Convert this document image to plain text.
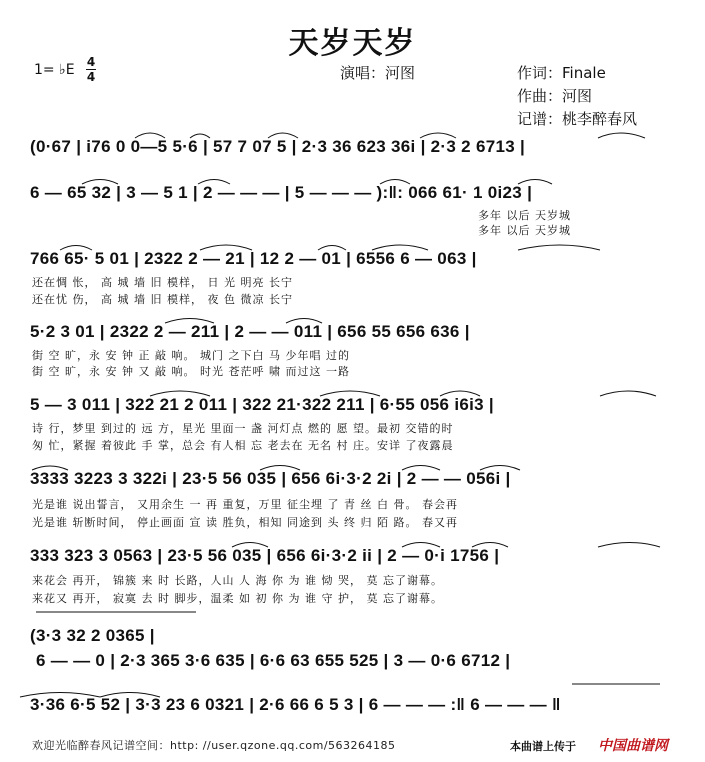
天岁天岁
1= ♭E 4
4	演唱：河图	作词：Finale
作曲：河图
记谱：桃李醉春风
(0·67 | i76 0 0—5 5·6 | 57 7 07 5 | 2·3 36 623 36i | 2·3 2 6713 |
6 — 65 32 | 3 — 5 1 | 2 — — — | 5 — — — ):‖: 066 61· 1 0i23 |
多年 以后 天岁城
多年 以后 天岁城
766 65· 5 01 | 2322 2 — 21 | 12 2 — 01 | 6556 6 — 063 |
还在惆 怅， 高 城 墙 旧 模样， 日 光 明亮 长宁
还在忧 伤， 高 城 墙 旧 模样， 夜 色 微凉 长宁
5·2 3 01 | 2322 2 — 211 | 2 — — 011 | 656 55 656 636 |
街 空 旷，永 安 钟 正 敲 响。 城门 之下白 马 少年唱 过的
街 空 旷，永 安 钟 又 敲 响。 时光 苍茫呼 啸 而过这 一路
5 — 3 011 | 322 21 2 011 | 322 21·322 211 | 6·55 056 i6i3 |
诗 行，梦里 到过的 远 方，星光 里面一 盏 河灯点 燃的 愿 望。最初 交错的时
匆 忙，紧握 着彼此 手 掌，总会 有人相 忘 老去在 无名 村 庄。安详 了夜露晨
3333 3223 3 322i | 23·5 56 035 | 656 6i·3·2 2i | 2 — — 056i |
光是谁 说出誓言， 又用余生 一 再 重复，万里 征尘埋 了 青 丝 白 骨。 春会再
光是谁 斩断时间， 停止画面 宣 读 胜负，相知 同途到 头 终 归 陌 路。 春又再
333 323 3 0563 | 23·5 56 035 | 656 6i·3·2 ii | 2 — 0·i 1756 |
来花会 再开， 锦簇 来 时 长路，人山 人 海 你 为 谁 恸 哭， 莫 忘了谢幕。
来花又 再开， 寂寞 去 时 脚步，温柔 如 初 你 为 谁 守 护， 莫 忘了谢幕。
(3·3 32 2 0365 |
6 — — 0 | 2·3 365 3·6 635 | 6·6 63 655 525 | 3 — 0·6 6712 |
3·36 6·5 52 | 3·3 23 6 0321 | 2·6 66 6 5 3 | 6 — — — :‖ 6 — — — ‖
欢迎光临醉春风记谱空间：http: //user.qzone.qq.com/563264185	本曲谱上传于 中国曲谱网
